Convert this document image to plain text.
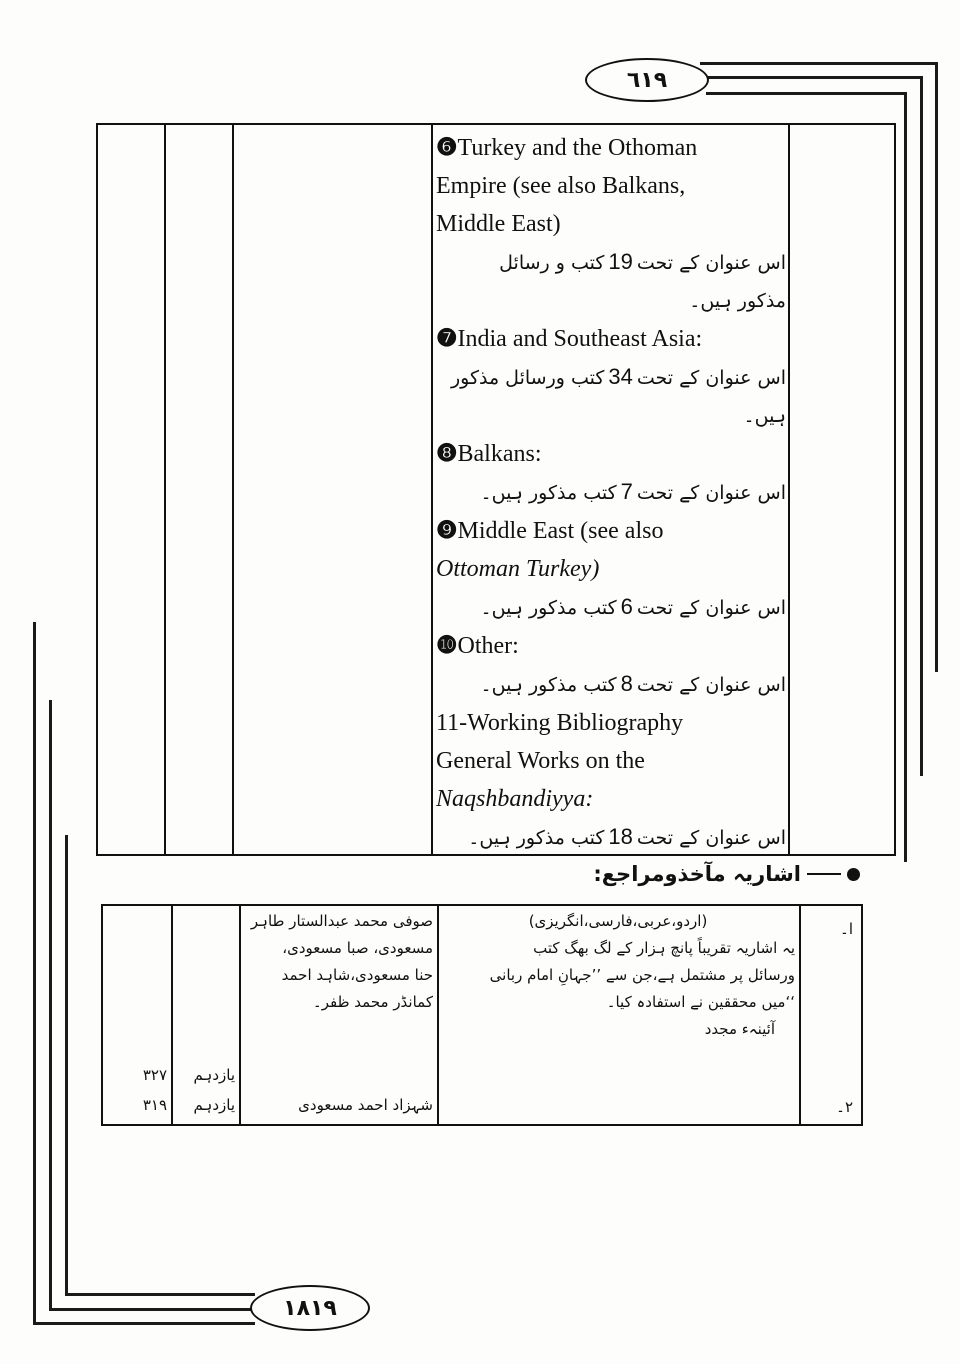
٦١٩
١٨١٩
❻Turkey and the Othoman
Empire (see also Balkans,
Middle East)
اس عنوان کے تحت19کتب و رسائل
مذکور ہیں۔
❼India and Southeast Asia:
اس عنوان کے تحت34کتب ورسائل مذکور
ہیں۔
❽Balkans:
اس عنوان کے تحت7کتب مذکور ہیں۔
❾Middle East (see also
Ottoman Turkey)
اس عنوان کے تحت6کتب مذکور ہیں۔
❿Other:
اس عنوان کے تحت8کتب مذکور ہیں۔
11-Working Bibliography
General Works on the
Naqshbandiyya:
اس عنوان کے تحت18کتب مذکور ہیں۔
اشاریہ مآخذومراجع:
ا۔
(اردو،عربی،فارسی،انگریزی)
یہ اشاریہ تقریباً پانچ ہزار کے لگ بھگ کتب
ورسائل پر مشتمل ہے،جن سے ’’جہانِ امام ربانی
‘‘میں محققین نے استفادہ کیا۔
آئینہء مجدد
صوفی محمد عبدالستار طاہر
مسعودی، صبا مسعودی،
حنا مسعودی،شاہد احمد
کمانڈر محمد ظفر۔
یازدہم
۳۲۷
۲۔
شہزاد احمد مسعودی
یازدہم
۳۱۹
